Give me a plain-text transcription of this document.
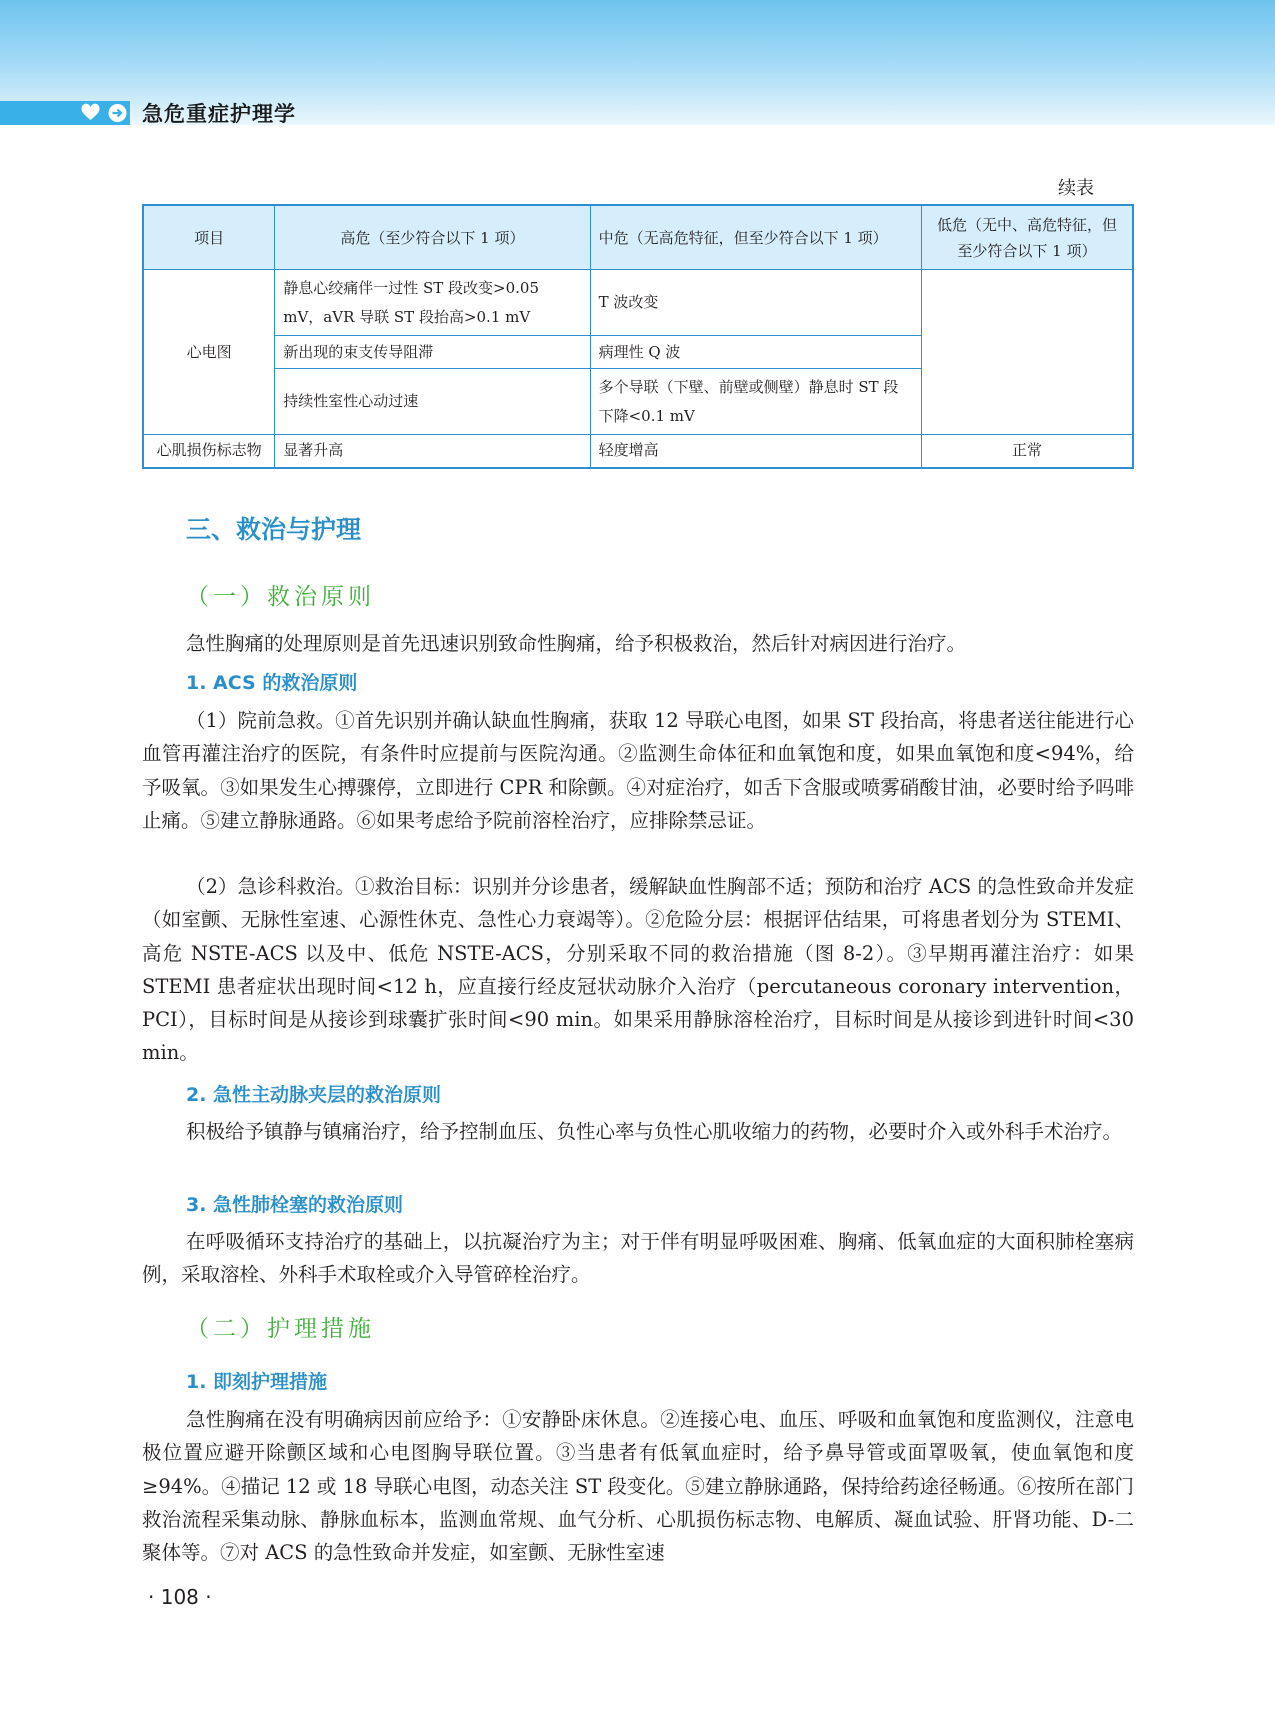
急危重症护理学
续表
项目	高危（至少符合以下 1 项）	中危（无高危特征，但至少符合以下 1 项）	低危（无中、高危特征，但至少符合以下 1 项）
心电图	静息心绞痛伴一过性 ST 段改变>0.05 mV，aVR 导联 ST 段抬高>0.1 mV	T 波改变	
	新出现的束支传导阻滞	病理性 Q 波	
	持续性室性心动过速	多个导联（下壁、前壁或侧壁）静息时 ST 段下降<0.1 mV	
心肌损伤标志物	显著升高	轻度增高	正常
三、救治与护理
（一）救治原则
急性胸痛的处理原则是首先迅速识别致命性胸痛，给予积极救治，然后针对病因进行治疗。
1. ACS 的救治原则
（1）院前急救。①首先识别并确认缺血性胸痛，获取 12 导联心电图，如果 ST 段抬高，将患者送往能进行心血管再灌注治疗的医院，有条件时应提前与医院沟通。②监测生命体征和血氧饱和度，如果血氧饱和度<94%，给予吸氧。③如果发生心搏骤停，立即进行 CPR 和除颤。④对症治疗，如舌下含服或喷雾硝酸甘油，必要时给予吗啡止痛。⑤建立静脉通路。⑥如果考虑给予院前溶栓治疗，应排除禁忌证。
（2）急诊科救治。①救治目标：识别并分诊患者，缓解缺血性胸部不适；预防和治疗 ACS 的急性致命并发症（如室颤、无脉性室速、心源性休克、急性心力衰竭等）。②危险分层：根据评估结果，可将患者划分为 STEMI、高危 NSTE-ACS 以及中、低危 NSTE-ACS，分别采取不同的救治措施（图 8-2）。③早期再灌注治疗：如果 STEMI 患者症状出现时间<12 h，应直接行经皮冠状动脉介入治疗（percutaneous coronary intervention，PCI），目标时间是从接诊到球囊扩张时间<90 min。如果采用静脉溶栓治疗，目标时间是从接诊到进针时间<30 min。
2. 急性主动脉夹层的救治原则
积极给予镇静与镇痛治疗，给予控制血压、负性心率与负性心肌收缩力的药物，必要时介入或外科手术治疗。
3. 急性肺栓塞的救治原则
在呼吸循环支持治疗的基础上，以抗凝治疗为主；对于伴有明显呼吸困难、胸痛、低氧血症的大面积肺栓塞病例，采取溶栓、外科手术取栓或介入导管碎栓治疗。
（二）护理措施
1. 即刻护理措施
急性胸痛在没有明确病因前应给予：①安静卧床休息。②连接心电、血压、呼吸和血氧饱和度监测仪，注意电极位置应避开除颤区域和心电图胸导联位置。③当患者有低氧血症时，给予鼻导管或面罩吸氧，使血氧饱和度≥94%。④描记 12 或 18 导联心电图，动态关注 ST 段变化。⑤建立静脉通路，保持给药途径畅通。⑥按所在部门救治流程采集动脉、静脉血标本，监测血常规、血气分析、心肌损伤标志物、电解质、凝血试验、肝肾功能、D-二聚体等。⑦对 ACS 的急性致命并发症，如室颤、无脉性室速
· 108 ·
